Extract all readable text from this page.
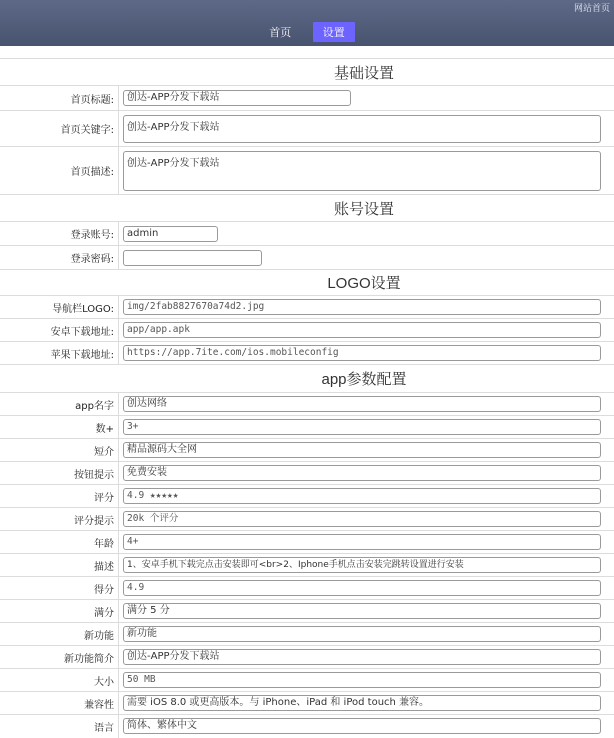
网站首页
首页	设置
基础设置	
首页标题:	创达-APP分发下载站

首页关键字:	创达-APP分发下载站

首页描述:	创达-APP分发下载站

账号设置	
登录账号:	admin

登录密码:	

LOGO设置	
导航栏LOGO:	img/2fab8827670a74d2.jpg

安卓下载地址:	app/app.apk

苹果下载地址:	https://app.7ite.com/ios.mobileconfig

app参数配置	
app名字	创达网络

数+	3+

短介	精品源码大全网

按钮提示	免费安装

评分	4.9 ★★★★★

评分提示	20k 个评分

年龄	4+

描述	1、安卓手机下载完点击安装即可<br>2、Iphone手机点击安装完跳转设置进行安装

得分	4.9

满分	满分 5 分

新功能	新功能

新功能简介	创达-APP分发下载站

大小	50 MB

兼容性	需要 iOS 8.0 或更高版本。与 iPhone、iPad 和 iPod touch 兼容。

语言	简体、繁体中文
